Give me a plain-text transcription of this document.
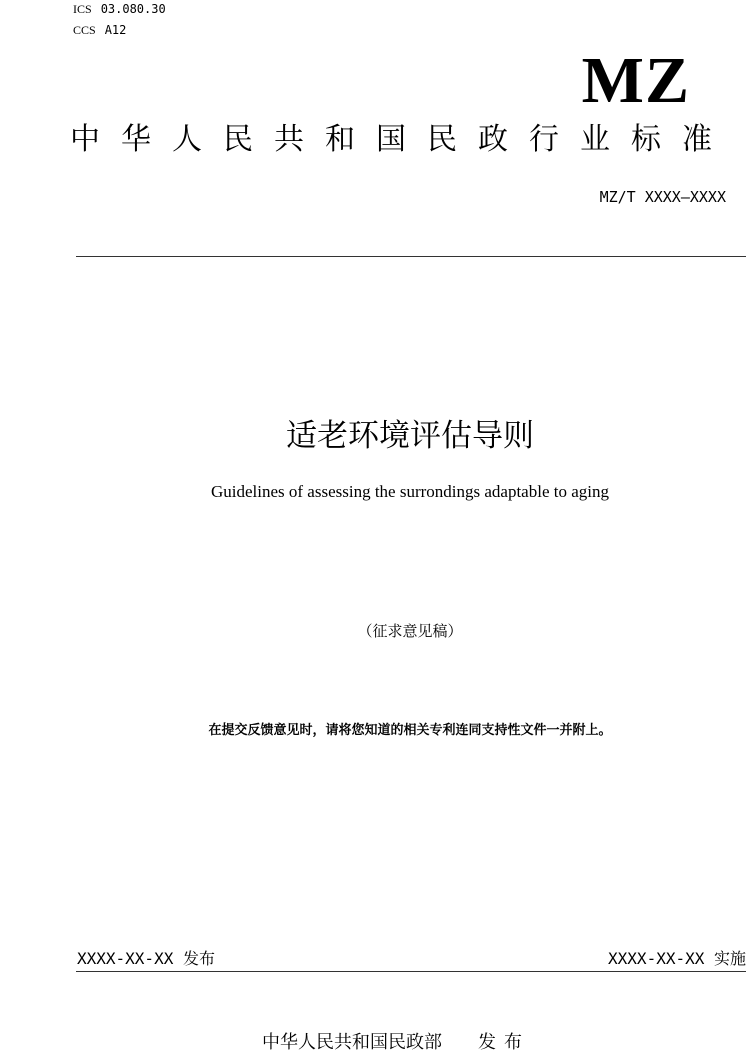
ICS 03.080.30
CCS A12
MZ
中华人民共和国民政行业标准
MZ/T XXXX—XXXX
适老环境评估导则
Guidelines of assessing the surrondings adaptable to aging
（征求意见稿）
在提交反馈意见时，请将您知道的相关专利连同支持性文件一并附上。
XXXX-XX-XX 发布	XXXX-XX-XX 实施
中华人民共和国民政部 发布
